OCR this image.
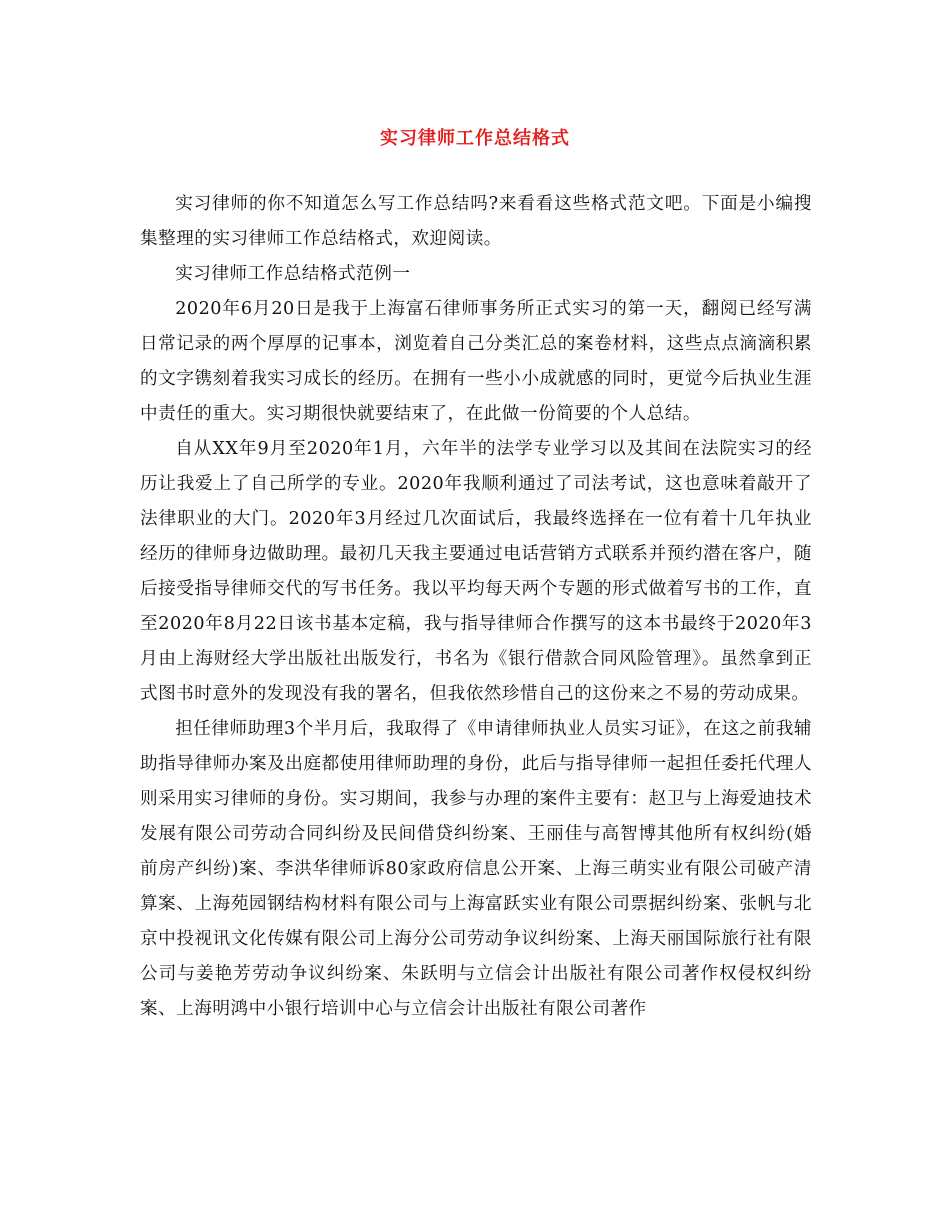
实习律师工作总结格式

实习律师的你不知道怎么写工作总结吗?来看看这些格式范文吧。下面是小编搜集整理的实习律师工作总结格式，欢迎阅读。

实习律师工作总结格式范例一

2020年6月20日是我于上海富石律师事务所正式实习的第一天，翻阅已经写满日常记录的两个厚厚的记事本，浏览着自己分类汇总的案卷材料，这些点点滴滴积累的文字镌刻着我实习成长的经历。在拥有一些小小成就感的同时，更觉今后执业生涯中责任的重大。实习期很快就要结束了，在此做一份简要的个人总结。

自从XX年9月至2020年1月，六年半的法学专业学习以及其间在法院实习的经历让我爱上了自己所学的专业。2020年我顺利通过了司法考试，这也意味着敲开了法律职业的大门。2020年3月经过几次面试后，我最终选择在一位有着十几年执业经历的律师身边做助理。最初几天我主要通过电话营销方式联系并预约潜在客户，随后接受指导律师交代的写书任务。我以平均每天两个专题的形式做着写书的工作，直至2020年8月22日该书基本定稿，我与指导律师合作撰写的这本书最终于2020年3月由上海财经大学出版社出版发行，书名为《银行借款合同风险管理》。虽然拿到正式图书时意外的发现没有我的署名，但我依然珍惜自己的这份来之不易的劳动成果。

担任律师助理3个半月后，我取得了《申请律师执业人员实习证》，在这之前我辅助指导律师办案及出庭都使用律师助理的身份，此后与指导律师一起担任委托代理人则采用实习律师的身份。实习期间，我参与办理的案件主要有：赵卫与上海爱迪技术发展有限公司劳动合同纠纷及民间借贷纠纷案、王丽佳与高智博其他所有权纠纷(婚前房产纠纷)案、李洪华律师诉80家政府信息公开案、上海三萌实业有限公司破产清算案、上海苑园钢结构材料有限公司与上海富跃实业有限公司票据纠纷案、张帆与北京中投视讯文化传媒有限公司上海分公司劳动争议纠纷案、上海天丽国际旅行社有限公司与姜艳芳劳动争议纠纷案、朱跃明与立信会计出版社有限公司著作权侵权纠纷案、上海明鸿中小银行培训中心与立信会计出版社有限公司著作
